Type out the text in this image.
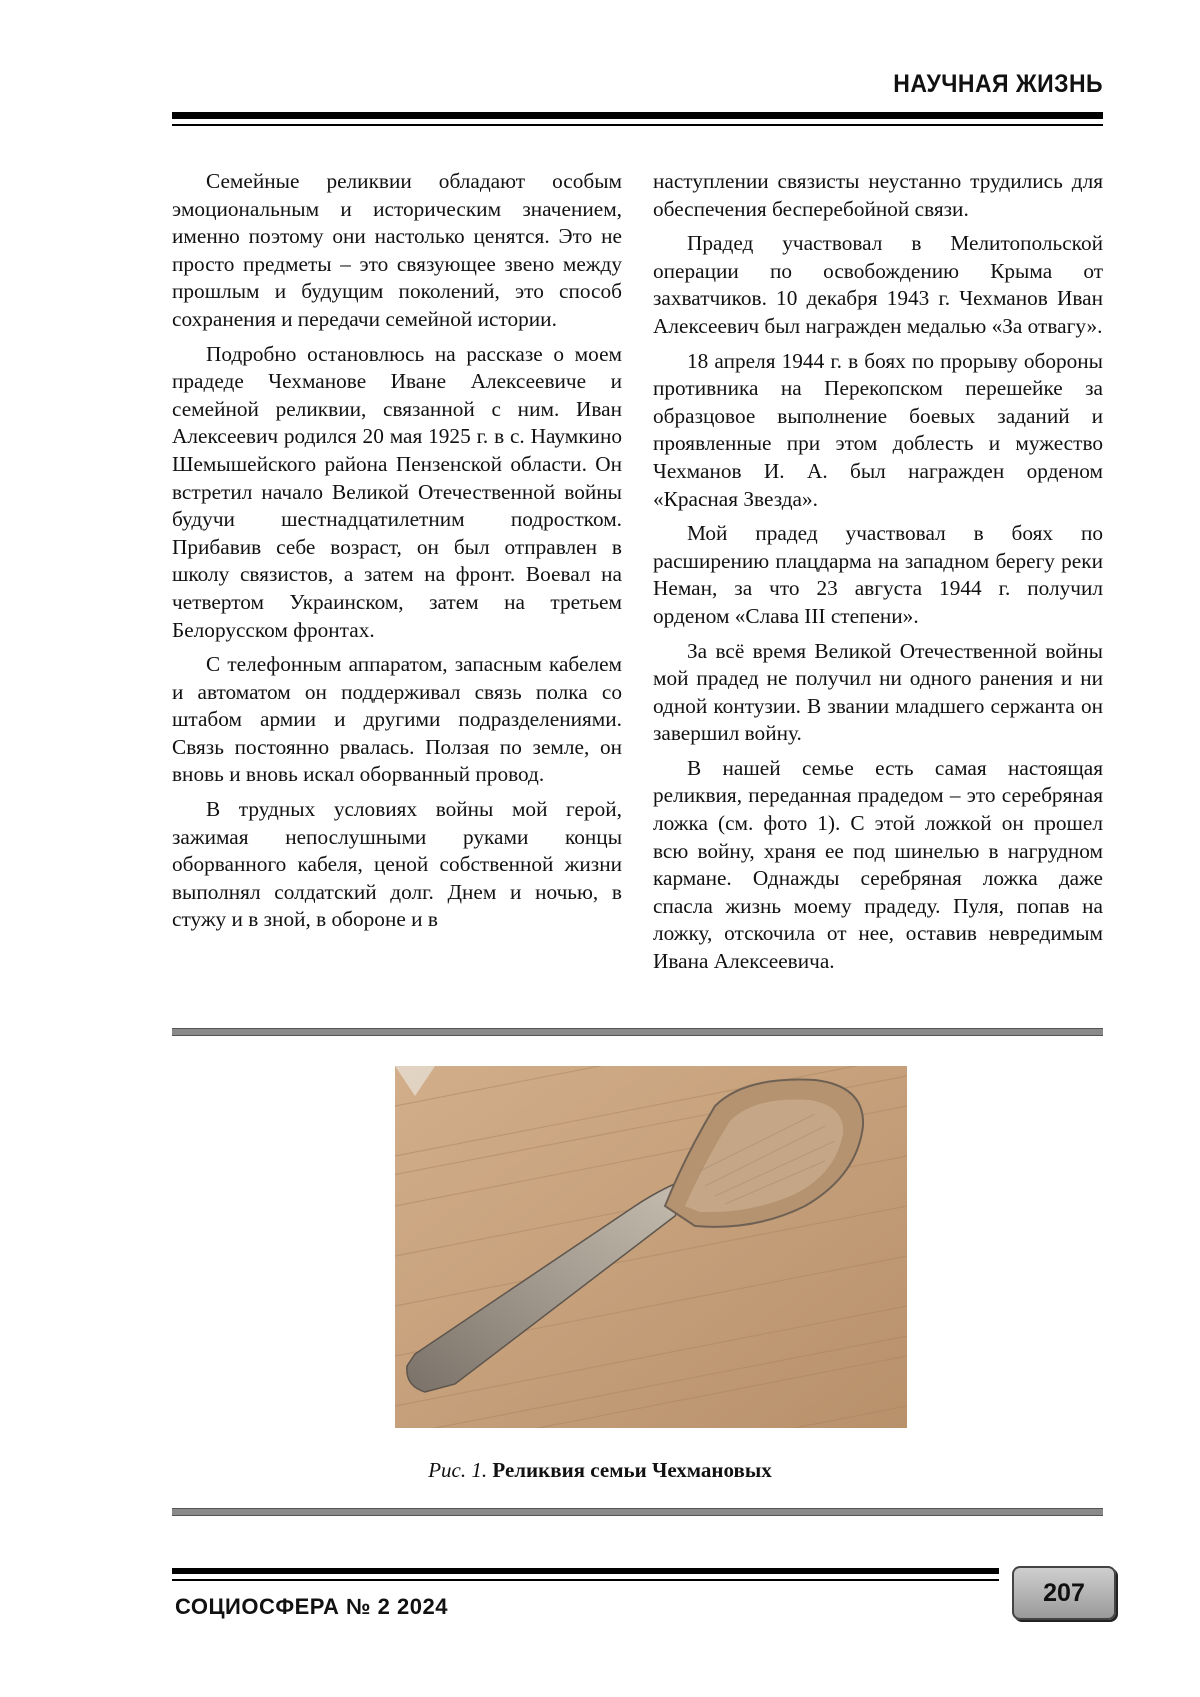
НАУЧНАЯ ЖИЗНЬ

Семейные реликвии обладают особым эмоциональным и историческим значением, именно поэтому они настолько ценятся. Это не просто предметы – это связующее звено между прошлым и будущим поколений, это способ сохранения и передачи семейной истории.

Подробно остановлюсь на рассказе о моем прадеде Чехманове Иване Алексеевиче и семейной реликвии, связанной с ним. Иван Алексеевич родился 20 мая 1925 г. в с. Наумкино Шемышейского района Пензенской области. Он встретил начало Великой Отечественной войны будучи шестнадцатилетним подростком. Прибавив себе возраст, он был отправлен в школу связистов, а затем на фронт. Воевал на четвертом Украинском, затем на третьем Белорусском фронтах.

С телефонным аппаратом, запасным кабелем и автоматом он поддерживал связь полка со штабом армии и другими подразделениями. Связь постоянно рвалась. Ползая по земле, он вновь и вновь искал оборванный провод.

В трудных условиях войны мой герой, зажимая непослушными руками концы оборванного кабеля, ценой собственной жизни выполнял солдатский долг. Днем и ночью, в стужу и в зной, в обороне и в

наступлении связисты неустанно трудились для обеспечения бесперебойной связи.

Прадед участвовал в Мелитопольской операции по освобождению Крыма от захватчиков. 10 декабря 1943 г. Чехманов Иван Алексеевич был награжден медалью «За отвагу».

18 апреля 1944 г. в боях по прорыву обороны противника на Перекопском перешейке за образцовое выполнение боевых заданий и проявленные при этом доблесть и мужество Чехманов И. А. был награжден орденом «Красная Звезда».

Мой прадед участвовал в боях по расширению плацдарма на западном берегу реки Неман, за что 23 августа 1944 г. получил орденом «Слава III степени».

За всё время Великой Отечественной войны мой прадед не получил ни одного ранения и ни одной контузии. В звании младшего сержанта он завершил войну.

В нашей семье есть самая настоящая реликвия, переданная прадедом – это серебряная ложка (см. фото 1). С этой ложкой он прошел всю войну, храня ее под шинелью в нагрудном кармане. Однажды серебряная ложка даже спасла жизнь моему прадеду. Пуля, попав на ложку, отскочила от нее, оставив невредимым Ивана Алексеевича.

Рис. 1. Реликвия семьи Чехмановых
СОЦИОСФЕРА № 2 2024	207
